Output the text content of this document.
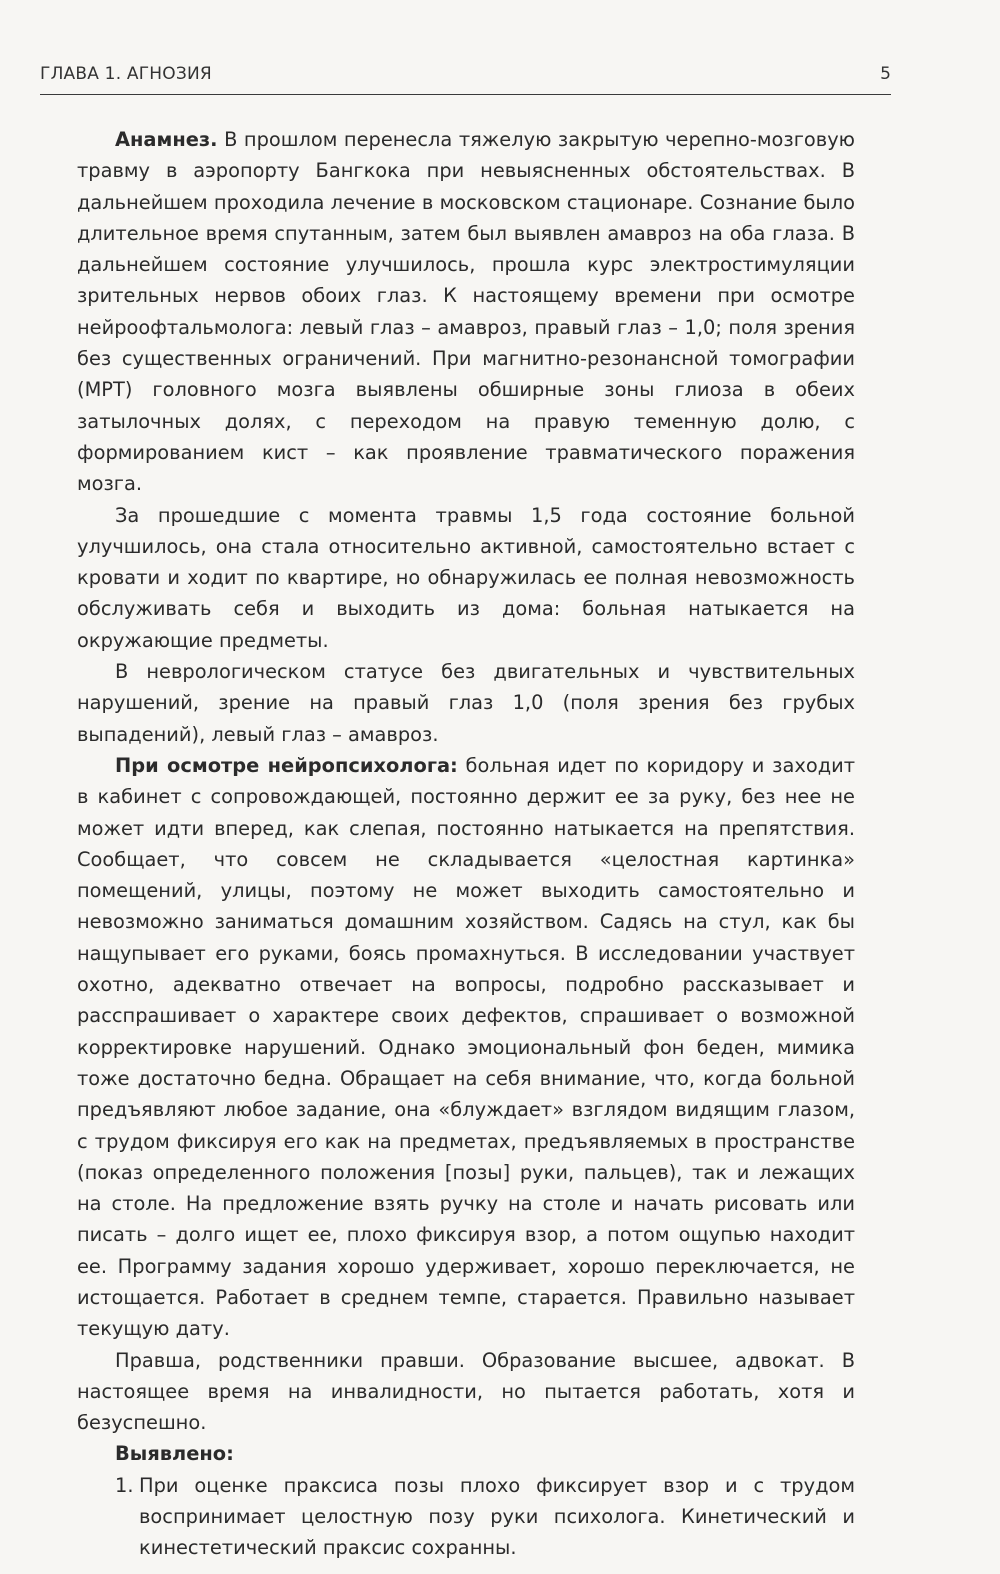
ГЛАВА 1. АГНОЗИЯ	5

Анамнез. В прошлом перенесла тяжелую закрытую черепно-мозговую травму в аэропорту Бангкока при невыясненных обстоятельствах. В дальнейшем проходила лечение в московском стационаре. Сознание было длительное время спутанным, затем был выявлен амавроз на оба глаза. В дальнейшем состояние улучшилось, прошла курс электростимуляции зрительных нервов обоих глаз. К настоящему времени при осмотре нейроофтальмолога: левый глаз – амавроз, правый глаз – 1,0; поля зрения без существенных ограничений. При магнитно-резонансной томографии (МРТ) головного мозга выявлены обширные зоны глиоза в обеих затылочных долях, с переходом на правую теменную долю, с формированием кист – как проявление травматического поражения мозга.

За прошедшие с момента травмы 1,5 года состояние больной улучшилось, она стала относительно активной, самостоятельно встает с кровати и ходит по квартире, но обнаружилась ее полная невозможность обслуживать себя и выходить из дома: больная натыкается на окружающие предметы.

В неврологическом статусе без двигательных и чувствительных нарушений, зрение на правый глаз 1,0 (поля зрения без грубых выпадений), левый глаз – амавроз.

При осмотре нейропсихолога: больная идет по коридору и заходит в кабинет с сопровождающей, постоянно держит ее за руку, без нее не может идти вперед, как слепая, постоянно натыкается на препятствия. Сообщает, что совсем не складывается «целостная картинка» помещений, улицы, поэтому не может выходить самостоятельно и невозможно заниматься домашним хозяйством. Садясь на стул, как бы нащупывает его руками, боясь промахнуться. В исследовании участвует охотно, адекватно отвечает на вопросы, подробно рассказывает и расспрашивает о характере своих дефектов, спрашивает о возможной корректировке нарушений. Однако эмоциональный фон беден, мимика тоже достаточно бедна. Обращает на себя внимание, что, когда больной предъявляют любое задание, она «блуждает» взглядом видящим глазом, с трудом фиксируя его как на предметах, предъявляемых в пространстве (показ определенного положения [позы] руки, пальцев), так и лежащих на столе. На предложение взять ручку на столе и начать рисовать или писать – долго ищет ее, плохо фиксируя взор, а потом ощупью находит ее. Программу задания хорошо удерживает, хорошо переключается, не истощается. Работает в среднем темпе, старается. Правильно называет текущую дату.

Правша, родственники правши. Образование высшее, адвокат. В настоящее время на инвалидности, но пытается работать, хотя и безуспешно.

Выявлено:

1. При оценке праксиса позы плохо фиксирует взор и с трудом воспринимает целостную позу руки психолога. Кинетический и кинестетический праксис сохранны.
